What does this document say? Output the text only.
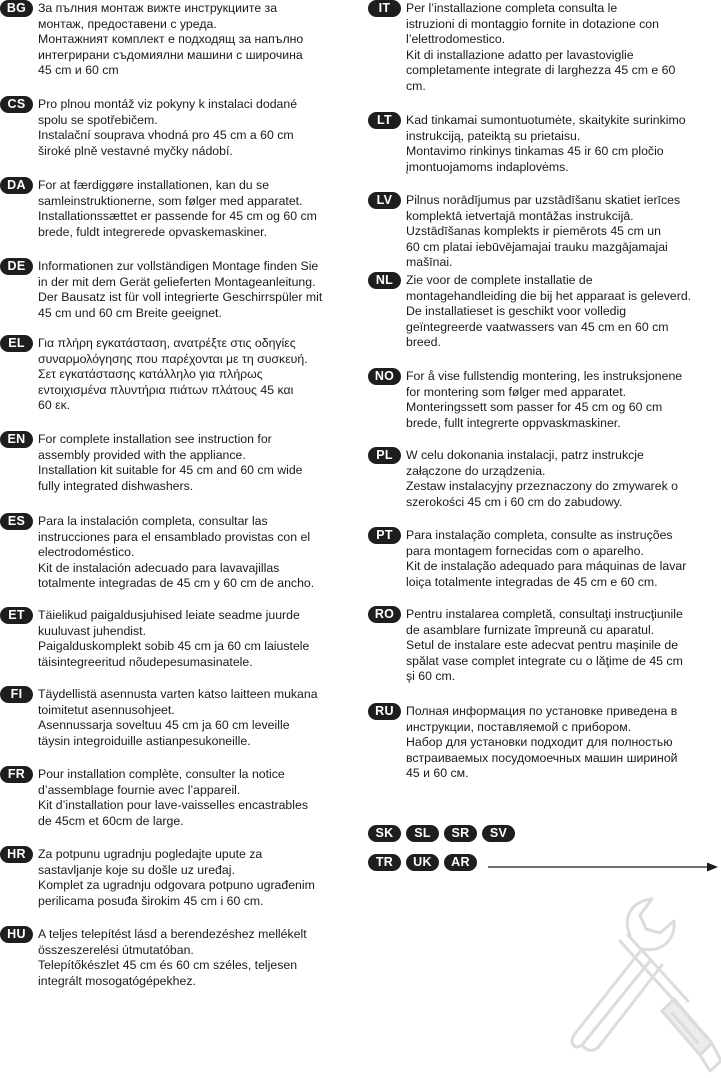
BG За пълния монтаж вижте инструкциите за
монтаж, предоставени с уреда.
Монтажният комплект е подходящ за напълно
интегрирани съдомиялни машини с широчина
45 cm и 60 cm
CS	Pro plnou montáž viz pokyny k instalaci dodané
spolu se spotřebičem.
Instalační souprava vhodná pro 45 cm a 60 cm
široké plně vestavné myčky nádobí.
DA For at færdiggøre installationen, kan du se
samleinstruktionerne, som følger med apparatet.
Installationssættet er passende for 45 cm og 60 cm
brede, fuldt integrerede opvaskemaskiner.
DE	Informationen zur vollständigen Montage finden Sie
in der mit dem Gerät gelieferten Montageanleitung.
Der Bausatz ist für voll integrierte Geschirrspüler mit
45 cm und 60 cm Breite geeignet.
EL	Για πλήρη εγκατάσταση, ανατρέξτε στις οδηγίες
συναρμολόγησης που παρέχονται με τη συσκευή.
Σετ εγκατάστασης κατάλληλο για πλήρως
εντοιχισμένα πλυντήρια πιάτων πλάτους 45 και
60 εκ.
EN	For complete installation see instruction for
assembly provided with the appliance.
Installation kit suitable for 45 cm and 60 cm wide
fully integrated dishwashers.
ES	Para la instalación completa, consultar las
instrucciones para el ensamblado provistas con el
electrodoméstico.
Kit de instalación adecuado para lavavajillas
totalmente integradas de 45 cm y 60 cm de ancho.
ET	Täielikud paigaldusjuhised leiate seadme juurde
kuuluvast juhendist.
Paigalduskomplekt sobib 45 cm ja 60 cm laiustele
täisintegreeritud nõudepesumasinatele.
FI	Täydellistä asennusta varten katso laitteen mukana
toimitetut asennusohjeet.
Asennussarja soveltuu 45 cm ja 60 cm leveille
täysin integroiduille astianpesukoneille.
FR	Pour installation complète, consulter la notice
d’assemblage fournie avec l’appareil.
Kit d’installation pour lave-vaisselles encastrables
de 45cm et 60cm de large.
HR Za potpunu ugradnju pogledajte upute za
sastavljanje koje su došle uz uređaj.
Komplet za ugradnju odgovara potpuno ugrađenim
perilicama posuđa širokim 45 cm i 60 cm.
HU A teljes telepítést lásd a berendezéshez mellékelt
összeszerelési útmutatóban.
Telepítőkészlet 45 cm és 60 cm széles, teljesen
integrált mosogatógépekhez.
IT	Per l’installazione completa consulta le
istruzioni di montaggio fornite in dotazione con
l’elettrodomestico.
Kit di installazione adatto per lavastoviglie
completamente integrate di larghezza 45 cm e 60
cm.
LT	Kad tinkamai sumontuotumėte, skaitykite surinkimo
instrukciją, pateiktą su prietaisu.
Montavimo rinkinys tinkamas 45 ir 60 cm pločio
įmontuojamoms indaplovėms.
LV	Pilnus norādījumus par uzstādīšanu skatiet ierīces
komplektā ietvertajā montāžas instrukcijā.
Uzstādīšanas komplekts ir piemērots 45 cm un
60 cm platai iebūvējamajai trauku mazgājamajai
mašīnai.
NL	Zie voor de complete installatie de
montagehandleiding die bij het apparaat is geleverd.
De installatieset is geschikt voor volledig
geïntegreerde vaatwassers van 45 cm en 60 cm
breed.
NO For å vise fullstendig montering, les instruksjonene
for montering som følger med apparatet.
Monteringssett som passer for 45 cm og 60 cm
brede, fullt integrerte oppvaskmaskiner.
PL	W celu dokonania instalacji, patrz instrukcje
załączone do urządzenia.
Zestaw instalacyjny przeznaczony do zmywarek o
szerokości 45 cm i 60 cm do zabudowy.
PT	Para instalação completa, consulte as instruções
para montagem fornecidas com o aparelho.
Kit de instalação adequado para máquinas de lavar
loiça totalmente integradas de 45 cm e 60 cm.
RO Pentru instalarea completă, consultaţi instrucţiunile
de asamblare furnizate împreună cu aparatul.
Setul de instalare este adecvat pentru maşinile de
spălat vase complet integrate cu o lăţime de 45 cm
şi 60 cm.
RU Полная информация по установке приведена в
инструкции, поставляемой с прибором.
Набор для установки подходит для полностью
встраиваемых посудомоечных машин шириной
45 и 60 см.
SK	SL	SR	SV
TR	UK	AR
